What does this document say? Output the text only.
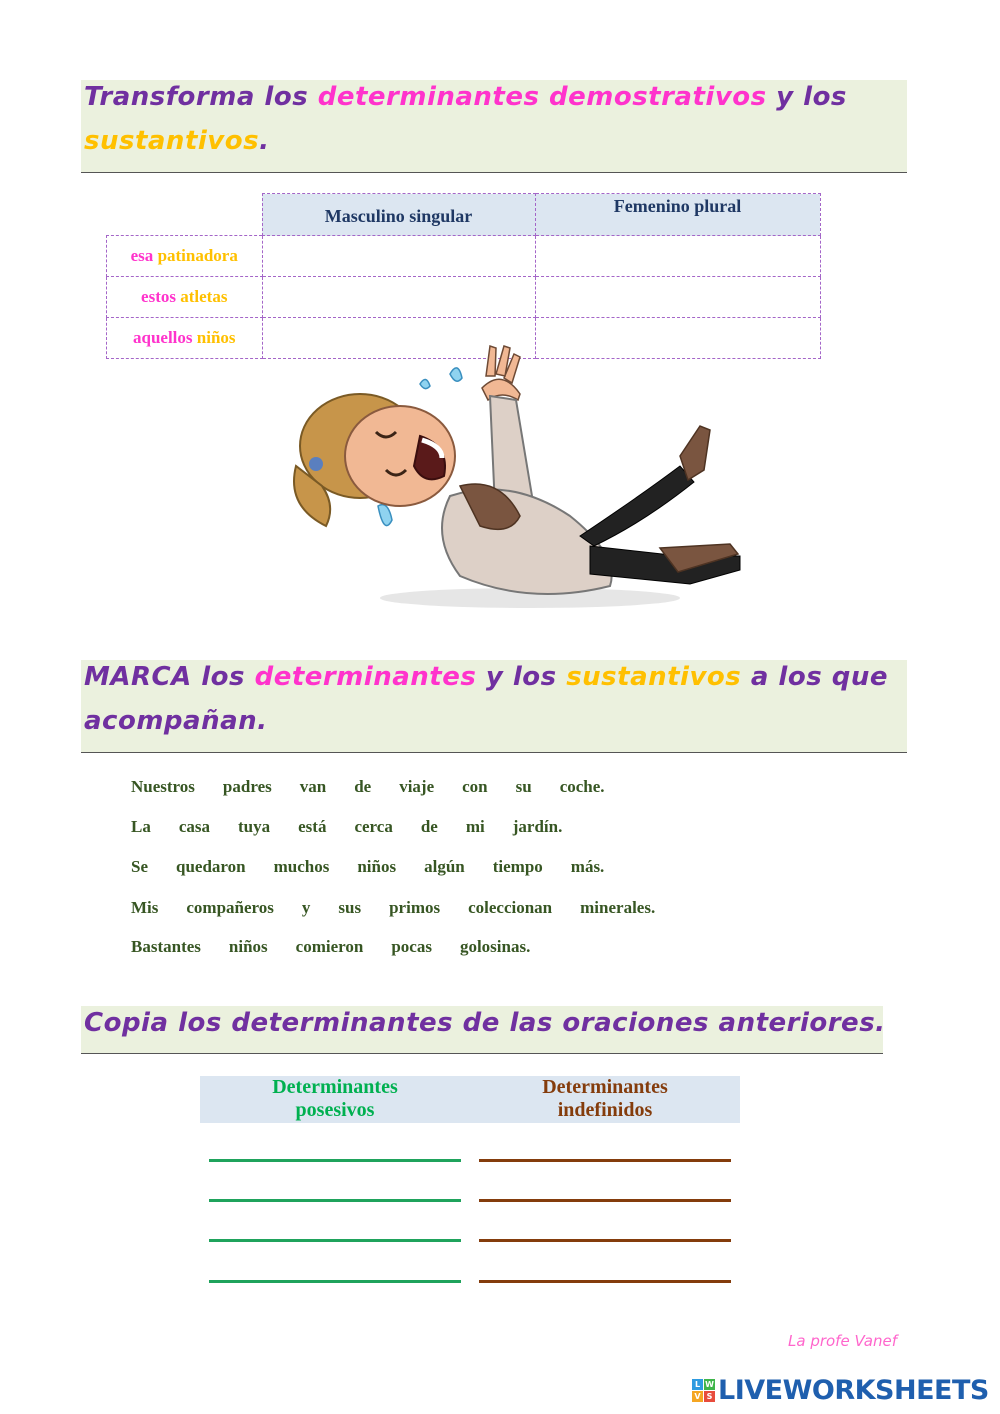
Transforma los determinantes demostrativos y los
sustantivos.
	Masculino singular	Femenino plural
esa patinadora		
estos atletas		
aquellos niños		
MARCA los determinantes y los sustantivos a los que
acompañan.
Nuestros padres van de viaje con su coche.
La casa tuya está cerca de mi jardín.
Se quedaron muchos niños algún tiempo más.
Mis compañeros y sus primos coleccionan minerales.
Bastantes niños comieron pocas golosinas.
Copia los determinantes de las oraciones anteriores.
Determinantes
posesivos
Determinantes
indefinidos
La profe Vanef
L W
V S LIVEWORKSHEETS
